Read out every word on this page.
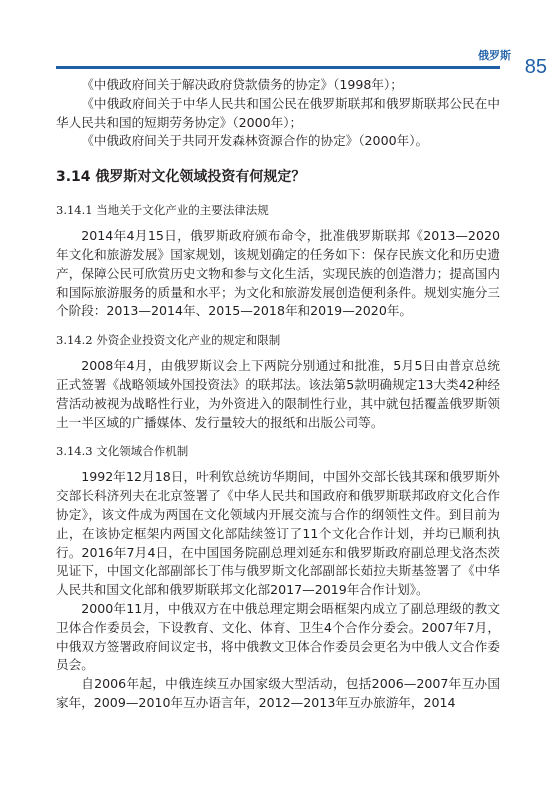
俄罗斯
85

《中俄政府间关于解决政府贷款债务的协定》（1998年）；

《中俄政府间关于中华人民共和国公民在俄罗斯联邦和俄罗斯联邦公民在中华人民共和国的短期劳务协定》（2000年）；

《中俄政府间关于共同开发森林资源合作的协定》（2000年）。

3.14 俄罗斯对文化领域投资有何规定？
3.14.1 当地关于文化产业的主要法律法规

2014年4月15日，俄罗斯政府颁布命令，批准俄罗斯联邦《2013—2020年文化和旅游发展》国家规划，该规划确定的任务如下：保存民族文化和历史遗产，保障公民可欣赏历史文物和参与文化生活，实现民族的创造潜力；提高国内和国际旅游服务的质量和水平；为文化和旅游发展创造便利条件。规划实施分三个阶段：2013—2014年、2015—2018年和2019—2020年。

3.14.2 外资企业投资文化产业的规定和限制

2008年4月，由俄罗斯议会上下两院分别通过和批准，5月5日由普京总统正式签署《战略领域外国投资法》的联邦法。该法第5款明确规定13大类42种经营活动被视为战略性行业，为外资进入的限制性行业，其中就包括覆盖俄罗斯领土一半区域的广播媒体、发行量较大的报纸和出版公司等。

3.14.3 文化领域合作机制

1992年12月18日，叶利钦总统访华期间，中国外交部长钱其琛和俄罗斯外交部长科济列夫在北京签署了《中华人民共和国政府和俄罗斯联邦政府文化合作协定》，该文件成为两国在文化领域内开展交流与合作的纲领性文件。到目前为止，在该协定框架内两国文化部陆续签订了11个文化合作计划，并均已顺利执行。2016年7月4日，在中国国务院副总理刘延东和俄罗斯政府副总理戈洛杰茨见证下，中国文化部副部长丁伟与俄罗斯文化部副部长茹拉夫斯基签署了《中华人民共和国文化部和俄罗斯联邦文化部2017—2019年合作计划》。

2000年11月，中俄双方在中俄总理定期会晤框架内成立了副总理级的教文卫体合作委员会，下设教育、文化、体育、卫生4个合作分委会。2007年7月，中俄双方签署政府间议定书，将中俄教文卫体合作委员会更名为中俄人文合作委员会。

自2006年起，中俄连续互办国家级大型活动，包括2006—2007年互办国家年，2009—2010年互办语言年，2012—2013年互办旅游年，2014
